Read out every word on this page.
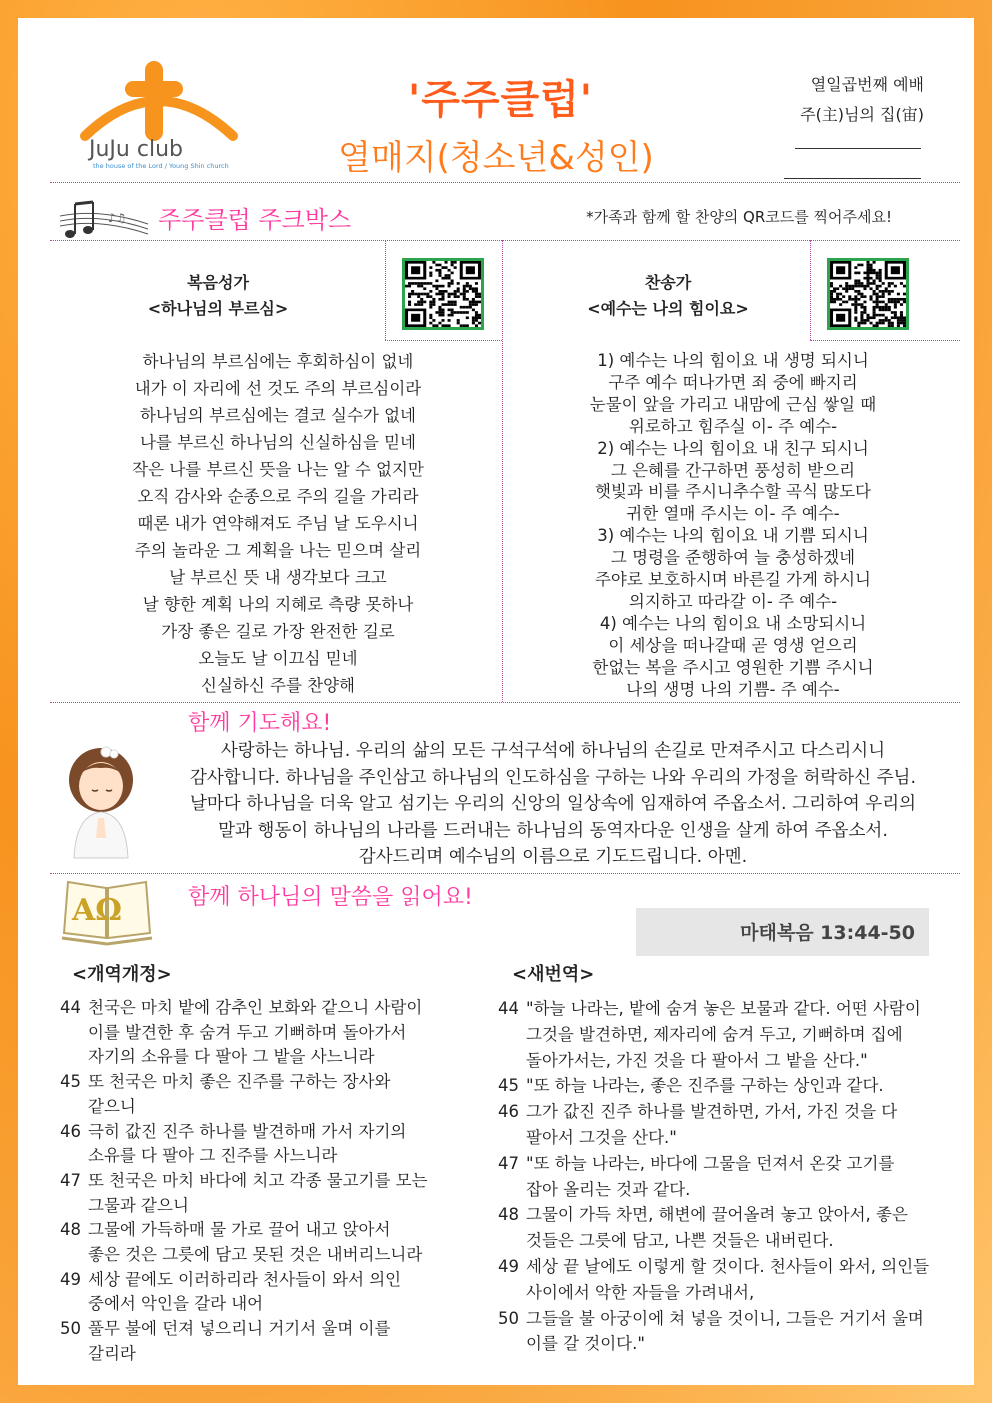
JuJu club
the house of the Lord / Young Shin church
'주주클럽'
열매지(청소년&성인)
열일곱번째 예배
주(主)님의 집(宙)
♪♫ 주주클럽 주크박스	*가족과 함께 할 찬양의 QR코드를 찍어주세요!
복음성가
<하나님의 부르심>
하나님의 부르심에는 후회하심이 없네
내가 이 자리에 선 것도 주의 부르심이라
하나님의 부르심에는 결코 실수가 없네
나를 부르신 하나님의 신실하심을 믿네
작은 나를 부르신 뜻을 나는 알 수 없지만
오직 감사와 순종으로 주의 길을 가리라
때론 내가 연약해져도 주님 날 도우시니
주의 놀라운 그 계획을 나는 믿으며 살리
날 부르신 뜻 내 생각보다 크고
날 향한 계획 나의 지혜로 측량 못하나
가장 좋은 길로 가장 완전한 길로
오늘도 날 이끄심 믿네
신실하신 주를 찬양해
찬송가
<예수는 나의 힘이요>
1) 예수는 나의 힘이요 내 생명 되시니
구주 예수 떠나가면 죄 중에 빠지리
눈물이 앞을 가리고 내맘에 근심 쌓일 때
위로하고 힘주실 이- 주 예수-
2) 예수는 나의 힘이요 내 친구 되시니
그 은혜를 간구하면 풍성히 받으리
햇빛과 비를 주시니추수할 곡식 많도다
귀한 열매 주시는 이- 주 예수-
3) 예수는 나의 힘이요 내 기쁨 되시니
그 명령을 준행하여 늘 충성하겠네
주야로 보호하시며 바른길 가게 하시니
의지하고 따라갈 이- 주 예수-
4) 예수는 나의 힘이요 내 소망되시니
이 세상을 떠나갈때 곧 영생 얻으리
한없는 복을 주시고 영원한 기쁨 주시니
나의 생명 나의 기쁨- 주 예수-
함께 기도해요!
사랑하는 하나님. 우리의 삶의 모든 구석구석에 하나님의 손길로 만져주시고 다스리시니
감사합니다. 하나님을 주인삼고 하나님의 인도하심을 구하는 나와 우리의 가정을 허락하신 주님.
날마다 하나님을 더욱 알고 섬기는 우리의 신앙의 일상속에 임재하여 주옵소서. 그리하여 우리의
말과 행동이 하나님의 나라를 드러내는 하나님의 동역자다운 인생을 살게 하여 주옵소서.
감사드리며 예수님의 이름으로 기도드립니다. 아멘.
AΩ	함께 하나님의 말씀을 읽어요!
마태복음 13:44-50
<개역개정>	<새번역>
44 천국은 마치 밭에 감추인 보화와 같으니 사람이
이를 발견한 후 숨겨 두고 기뻐하며 돌아가서
자기의 소유를 다 팔아 그 밭을 사느니라
45 또 천국은 마치 좋은 진주를 구하는 장사와
같으니
46 극히 값진 진주 하나를 발견하매 가서 자기의
소유를 다 팔아 그 진주를 사느니라
47 또 천국은 마치 바다에 치고 각종 물고기를 모는
그물과 같으니
48 그물에 가득하매 물 가로 끌어 내고 앉아서
좋은 것은 그릇에 담고 못된 것은 내버리느니라
49 세상 끝에도 이러하리라 천사들이 와서 의인
중에서 악인을 갈라 내어
50 풀무 불에 던져 넣으리니 거기서 울며 이를
갈리라
44 "하늘 나라는, 밭에 숨겨 놓은 보물과 같다. 어떤 사람이
그것을 발견하면, 제자리에 숨겨 두고, 기뻐하며 집에
돌아가서는, 가진 것을 다 팔아서 그 밭을 산다."
45 "또 하늘 나라는, 좋은 진주를 구하는 상인과 같다.
46 그가 값진 진주 하나를 발견하면, 가서, 가진 것을 다
팔아서 그것을 산다."
47 "또 하늘 나라는, 바다에 그물을 던져서 온갖 고기를
잡아 올리는 것과 같다.
48 그물이 가득 차면, 해변에 끌어올려 놓고 앉아서, 좋은
것들은 그릇에 담고, 나쁜 것들은 내버린다.
49 세상 끝 날에도 이렇게 할 것이다. 천사들이 와서, 의인들
사이에서 악한 자들을 가려내서,
50 그들을 불 아궁이에 쳐 넣을 것이니, 그들은 거기서 울며
이를 갈 것이다."
